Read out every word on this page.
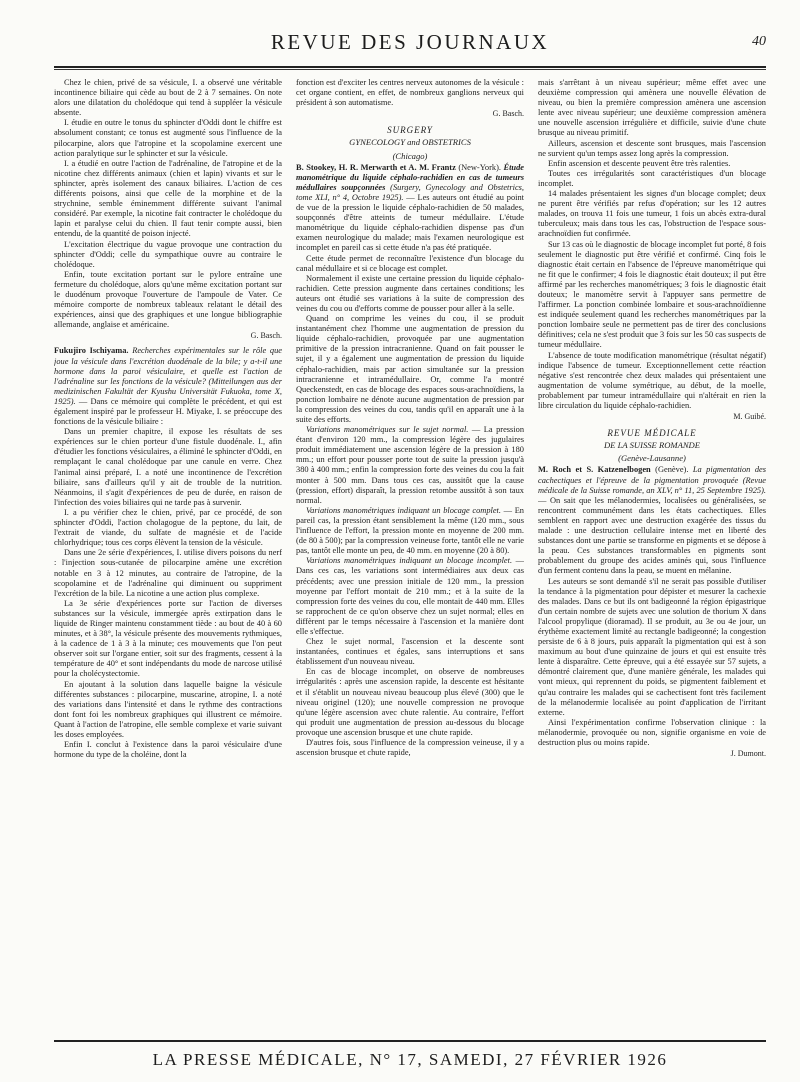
REVUE DES JOURNAUX	40

Chez le chien, privé de sa vésicule, I. a observé une véritable incontinence biliaire qui cède au bout de 2 à 7 semaines. On note alors une dilatation du cholédoque qui tend à suppléer la vésicule absente.

I. étudie en outre le tonus du sphincter d'Oddi dont le chiffre est absolument constant; ce tonus est augmenté sous l'influence de la pilocarpine, alors que l'atropine et la scopolamine exercent une action paralytique sur le sphincter et sur la vésicule.

I. a étudié en outre l'action de l'adrénaline, de l'atropine et de la nicotine chez différents animaux (chien et lapin) vivants et sur le sphincter, après isolement des canaux biliaires. L'action de ces différents poisons, ainsi que celle de la morphine et de la strychnine, semble éminemment différente suivant l'animal considéré. Par exemple, la nicotine fait contracter le cholédoque du lapin et paralyse celui du chien. Il faut tenir compte aussi, bien entendu, de la quantité de poison injecté.

L'excitation électrique du vague provoque une contraction du sphincter d'Oddi; celle du sympathique ouvre au contraire le cholédoque.

Enfin, toute excitation portant sur le pylore entraîne une fermeture du cholédoque, alors qu'une même excitation portant sur le duodénum provoque l'ouverture de l'ampoule de Vater. Ce mémoire comporte de nombreux tableaux relatant le détail des expériences, ainsi que des graphiques et une longue bibliographie allemande, anglaise et américaine.

G. Basch.

Fukujiro Ischiyama. Recherches expérimentales sur le rôle que joue la vésicule dans l'excrétion duodénale de la bile; y a-t-il une hormone dans la paroi vésiculaire, et quelle est l'action de l'adrénaline sur les fonctions de la vésicule? (Mitteilungen aus der medizinischen Fakultät der Kyushu Universität Fukuoka, tome X, 1925). — Dans ce mémoire qui complète le précédent, et qui est également inspiré par le professeur H. Miyake, I. se préoccupe des fonctions de la vésicule biliaire :

Dans un premier chapitre, il expose les résultats de ses expériences sur le chien porteur d'une fistule duodénale. I., afin d'étudier les fonctions vésiculaires, a éliminé le sphincter d'Oddi, en remplaçant le canal cholédoque par une canule en verre. Chez l'animal ainsi préparé, I. a noté une incontinence de l'excrétion biliaire, sans d'ailleurs qu'il y ait de trouble de la nutrition. Néanmoins, il s'agit d'expériences de peu de durée, en raison de l'infection des voies biliaires qui ne tarde pas à survenir.

I. a pu vérifier chez le chien, privé, par ce procédé, de son sphincter d'Oddi, l'action cholagogue de la peptone, du lait, de l'extrait de viande, du sulfate de magnésie et de l'acide chlorhydrique; tous ces corps élèvent la tension de la vésicule.

Dans une 2e série d'expériences, I. utilise divers poisons du nerf : l'injection sous-cutanée de pilocarpine amène une excrétion notable en 3 à 12 minutes, au contraire de l'atropine, de la scopolamine et de l'adrénaline qui diminuent ou suppriment l'excrétion de la bile. La nicotine a une action plus complexe.

La 3e série d'expériences porte sur l'action de diverses substances sur la vésicule, immergée après extirpation dans le liquide de Ringer maintenu constamment tiède : au bout de 40 à 60 minutes, et à 38°, la vésicule présente des mouvements rythmiques, à la cadence de 1 à 3 à la minute; ces mouvements que l'on peut observer soit sur l'organe entier, soit sur des fragments, cessent à la température de 40° et sont indépendants du mode de narcose utilisé pour la cholécystectomie.

En ajoutant à la solution dans laquelle baigne la vésicule différentes substances : pilocarpine, muscarine, atropine, I. a noté des variations dans l'intensité et dans le rythme des contractions dont font foi les nombreux graphiques qui illustrent ce mémoire. Quant à l'action de l'atropine, elle semble complexe et varie suivant les doses employées.

Enfin I. conclut à l'existence dans la paroi vésiculaire d'une hormone du type de la choléine, dont la

fonction est d'exciter les centres nerveux autonomes de la vésicule : cet organe contient, en effet, de nombreux ganglions nerveux qui président à son automatisme.

G. Basch.
SURGERY
GYNECOLOGY and OBSTETRICS
(Chicago)

B. Stookey, H. R. Merwarth et A. M. Frantz (New-York). Étude manométrique du liquide céphalo-rachidien en cas de tumeurs médullaires soupçonnées (Surgery, Gynecology and Obstetrics, tome XLI, n° 4, Octobre 1925). — Les auteurs ont étudié au point de vue de la pression le liquide céphalo-rachidien de 50 malades, soupçonnés d'être atteints de tumeur médullaire. L'étude manométrique du liquide céphalo-rachidien dispense pas d'un examen neurologique du malade; mais l'examen neurologique est incomplet en pareil cas si cette étude n'a pas été pratiquée.

Cette étude permet de reconnaître l'existence d'un blocage du canal médullaire et si ce blocage est complet.

Normalement il existe une certaine pression du liquide céphalo-rachidien. Cette pression augmente dans certaines conditions; les auteurs ont étudié ses variations à la suite de compression des veines du cou ou d'efforts comme de pousser pour aller à la selle.

Quand on comprime les veines du cou, il se produit instantanément chez l'homme une augmentation de pression du liquide céphalo-rachidien, provoquée par une augmentation primitive de la pression intracranienne. Quand on fait pousser le sujet, il y a également une augmentation de pression du liquide céphalo-rachidien, mais par action simultanée sur la pression intracranienne et intramédullaire. Or, comme l'a montré Queckenstedt, en cas de blocage des espaces sous-arachnoïdiens, la ponction lombaire ne dénote aucune augmentation de pression par la compression des veines du cou, tandis qu'il en apparaît une à la suite des efforts.

Variations manométriques sur le sujet normal. — La pression étant d'environ 120 mm., la compression légère des jugulaires produit immédiatement une ascension légère de la pression à 180 mm.; un effort pour pousser porte tout de suite la pression jusqu'à 380 à 400 mm.; enfin la compression forte des veines du cou la fait monter à 500 mm. Dans tous ces cas, aussitôt que la cause (pression, effort) disparaît, la pression retombe aussitôt à son taux normal.

Variations manométriques indiquant un blocage complet. — En pareil cas, la pression étant sensiblement la même (120 mm., sous l'influence de l'effort, la pression monte en moyenne de 200 mm. (de 80 à 500); par la compression veineuse forte, tantôt elle ne varie pas, tantôt elle monte un peu, de 40 mm. en moyenne (20 à 80).

Variations manométriques indiquant un blocage incomplet. — Dans ces cas, les variations sont intermédiaires aux deux cas précédents; avec une pression initiale de 120 mm., la pression moyenne par l'effort montait de 210 mm.; et à la suite de la compression forte des veines du cou, elle montait de 440 mm. Elles se rapprochent de ce qu'on observe chez un sujet normal; elles en diffèrent par le temps nécessaire à l'ascension et la manière dont elle s'effectue.

Chez le sujet normal, l'ascension et la descente sont instantanées, continues et égales, sans interruptions et sans établissement d'un nouveau niveau.

En cas de blocage incomplet, on observe de nombreuses irrégularités : après une ascension rapide, la descente est hésitante et il s'établit un nouveau niveau beaucoup plus élevé (300) que le niveau originel (120); une nouvelle compression ne provoque qu'une légère ascension avec chute ralentie. Au contraire, l'effort qui produit une augmentation de pression au-dessous du blocage provoque une ascension brusque et une chute rapide.

D'autres fois, sous l'influence de la compression veineuse, il y a ascension brusque et chute rapide,

mais s'arrêtant à un niveau supérieur; même effet avec une deuxième compression qui amènera une nouvelle élévation de niveau, ou bien la première compression amènera une ascension lente avec niveau supérieur; une deuxième compression amènera une nouvelle ascension irrégulière et difficile, suivie d'une chute brusque au niveau primitif.

Ailleurs, ascension et descente sont brusques, mais l'ascension ne survient qu'un temps assez long après la compression.

Enfin ascension et descente peuvent être très ralenties.

Toutes ces irrégularités sont caractéristiques d'un blocage incomplet.

14 malades présentaient les signes d'un blocage complet; deux ne purent être vérifiés par refus d'opération; sur les 12 autres malades, on trouva 11 fois une tumeur, 1 fois un abcès extra-dural tuberculeux; mais dans tous les cas, l'obstruction de l'espace sous-arachnoïdien fut confirmée.

Sur 13 cas où le diagnostic de blocage incomplet fut porté, 8 fois seulement le diagnostic put être vérifié et confirmé. Cinq fois le diagnostic était certain en l'absence de l'épreuve manométrique qui ne fit que le confirmer; 4 fois le diagnostic était douteux; il put être affirmé par les recherches manométriques; 3 fois le diagnostic était douteux; le manomètre servit à l'appuyer sans permettre de l'affirmer. La ponction combinée lombaire et sous-arachnoïdienne est indiquée seulement quand les recherches manométriques par la ponction lombaire seule ne permettent pas de tirer des conclusions définitives; cela ne s'est produit que 3 fois sur les 50 cas suspects de tumeur médullaire.

L'absence de toute modification manométrique (résultat négatif) indique l'absence de tumeur. Exceptionnellement cette réaction négative s'est rencontrée chez deux malades qui présentaient une augmentation de volume symétrique, au début, de la moelle, probablement par tumeur intramédullaire qui n'altérait en rien la libre circulation du liquide céphalo-rachidien.

M. Guibé.
REVUE MÉDICALE
DE LA SUISSE ROMANDE
(Genève-Lausanne)

M. Roch et S. Katzenelbogen (Genève). La pigmentation des cachectiques et l'épreuve de la pigmentation provoquée (Revue médicale de la Suisse romande, an XLV, n° 11, 25 Septembre 1925). — On sait que les mélanodermies, localisées ou généralisées, se rencontrent communément dans les états cachectiques. Elles semblent en rapport avec une destruction exagérée des tissus du malade : une destruction cellulaire intense met en liberté des substances dont une partie se transforme en pigments et se dépose à la peau. Ces substances transformables en pigments sont probablement du groupe des acides aminés qui, sous l'influence d'un ferment contenu dans la peau, se muent en mélanine.

Les auteurs se sont demandé s'il ne serait pas possible d'utiliser la tendance à la pigmentation pour dépister et mesurer la cachexie des malades. Dans ce but ils ont badigeonné la région épigastrique d'un certain nombre de sujets avec une solution de thorium X dans l'alcool propylique (dioramad). Il se produit, au 3e ou 4e jour, un érythème exactement limité au rectangle badigeonné; la congestion persiste de 6 à 8 jours, puis apparaît la pigmentation qui est à son maximum au bout d'une quinzaine de jours et qui est ensuite très lente à disparaître. Cette épreuve, qui a été essayée sur 57 sujets, a démontré clairement que, d'une manière générale, les malades qui vont mieux, qui reprennent du poids, se pigmentent faiblement et qu'au contraire les malades qui se cachectisent font très facilement de la mélanodermie localisée au point d'application de l'irritant externe.

Ainsi l'expérimentation confirme l'observation clinique : la mélanodermie, provoquée ou non, signifie organisme en voie de destruction plus ou moins rapide.

J. Dumont.
LA PRESSE MÉDICALE, N° 17, SAMEDI, 27 FÉVRIER 1926
